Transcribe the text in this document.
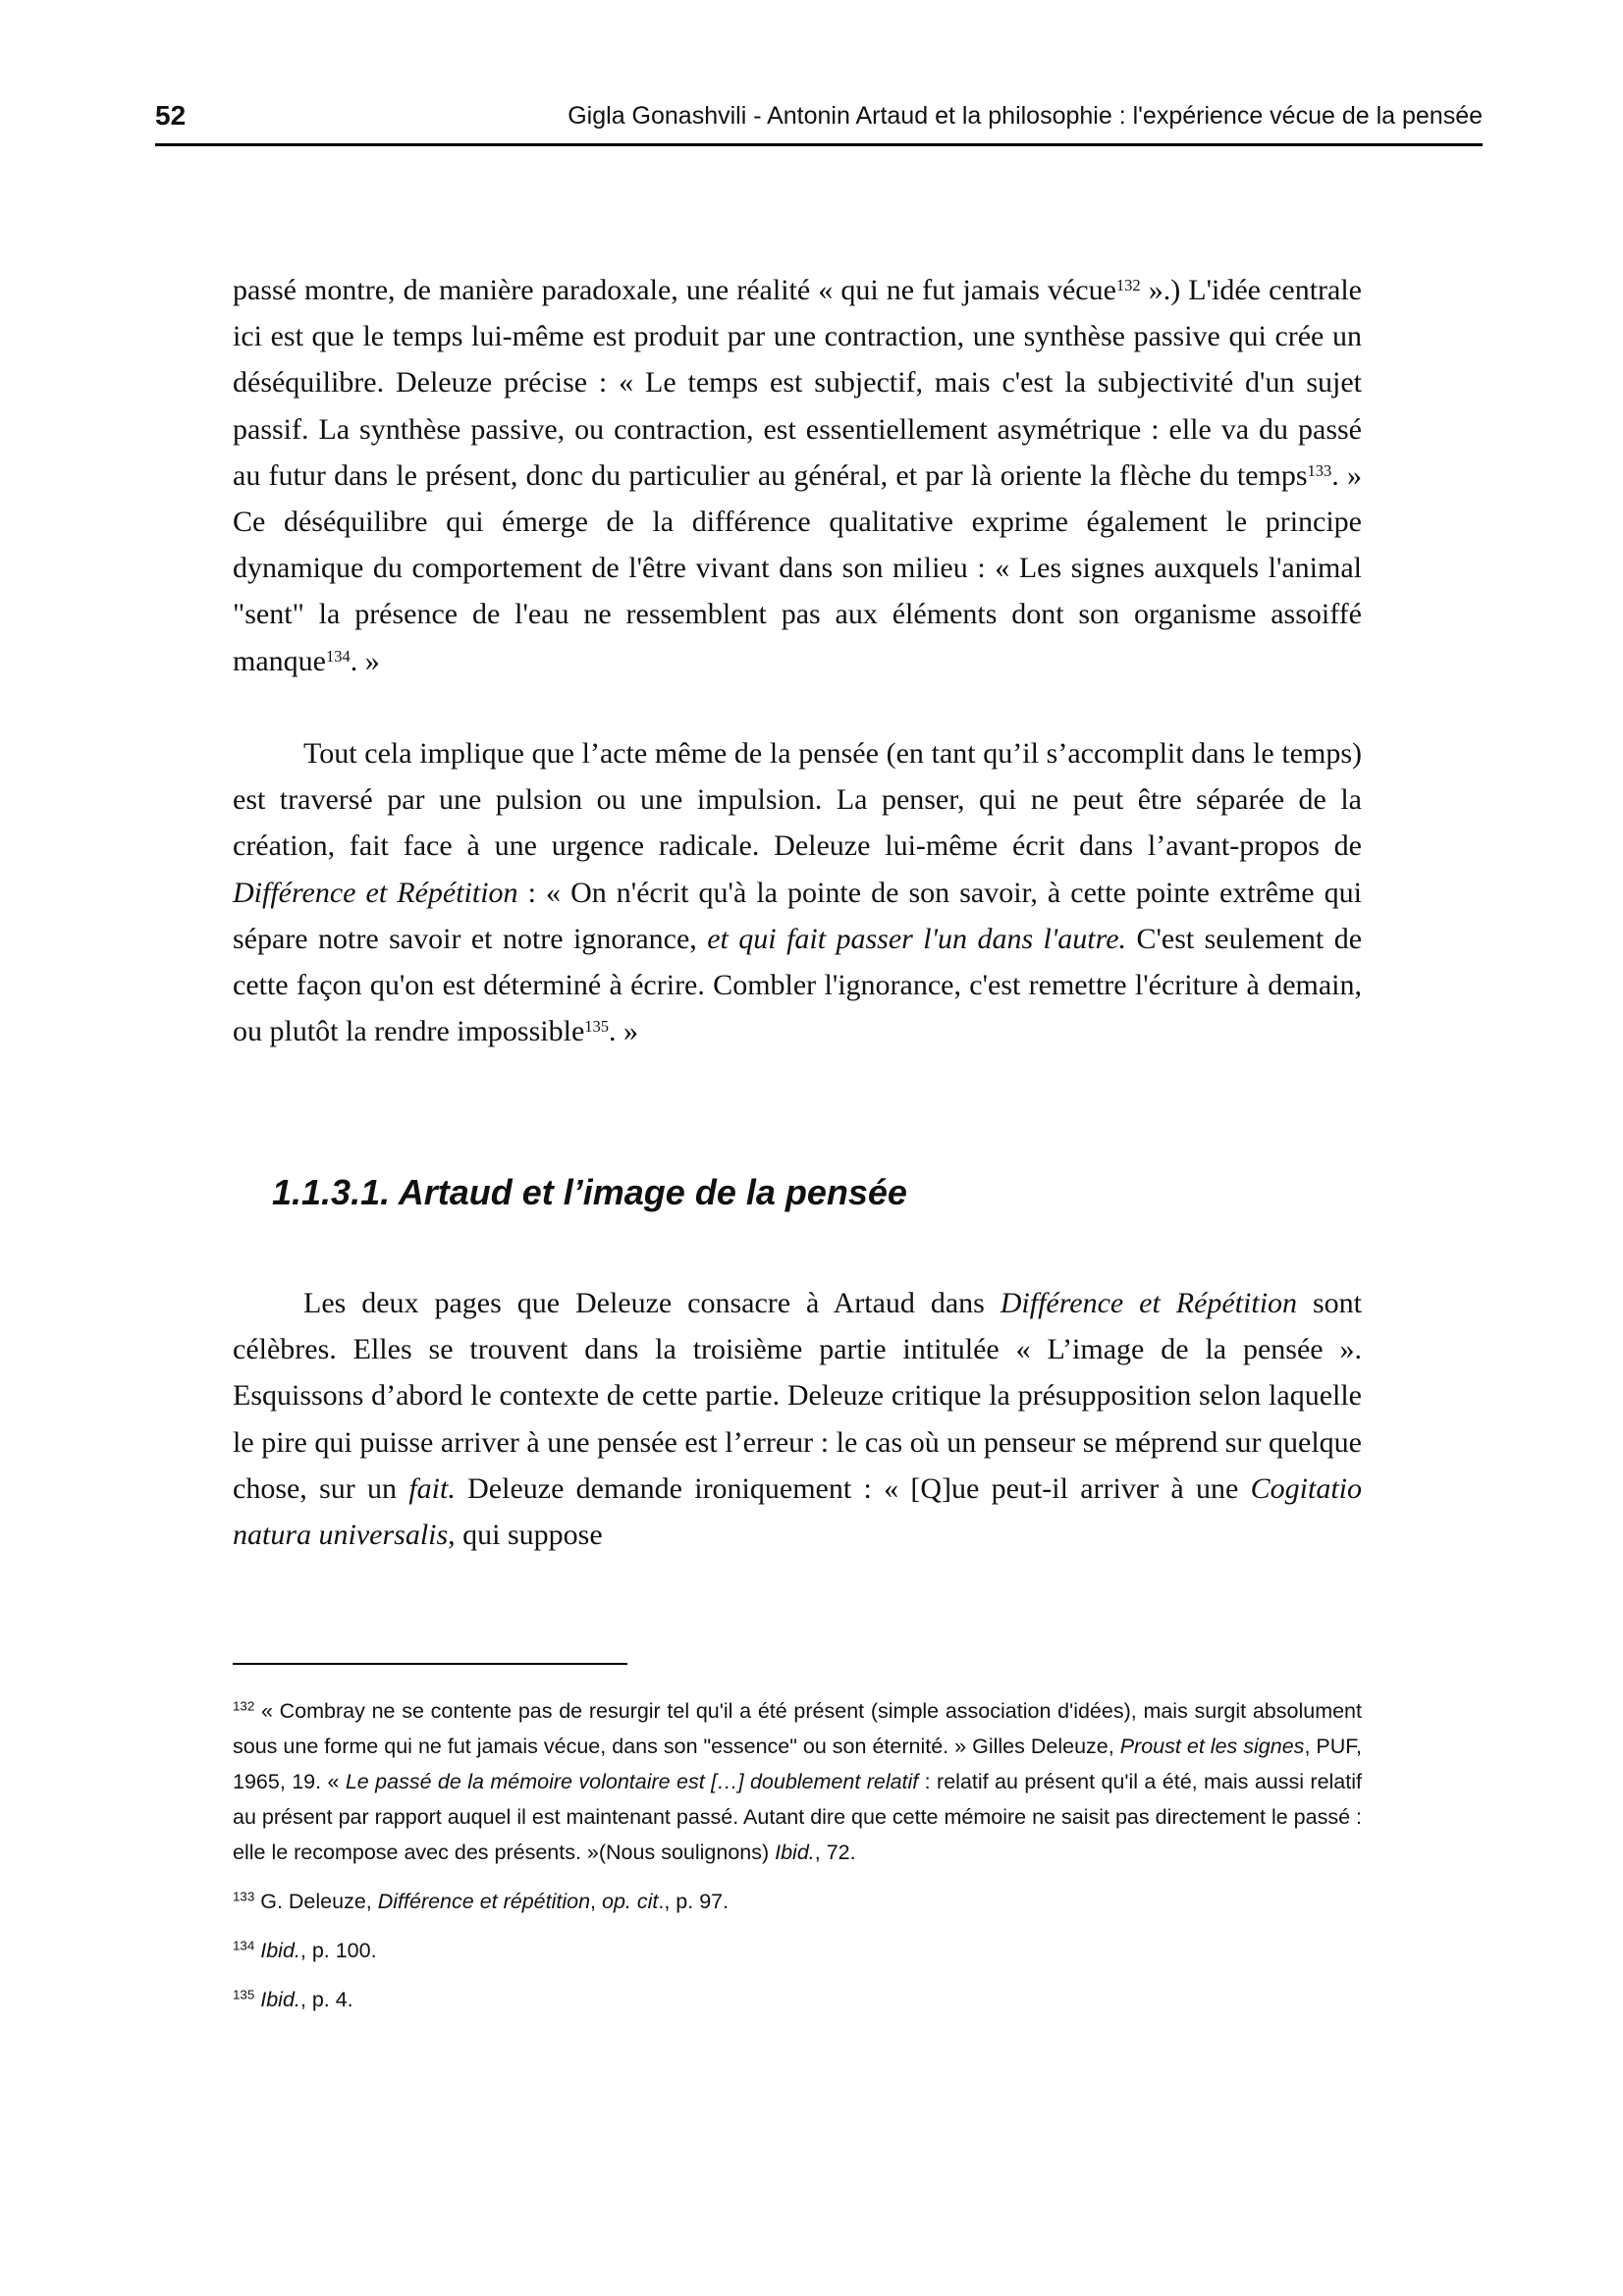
52	Gigla Gonashvili - Antonin Artaud et la philosophie : l'expérience vécue de la pensée

passé montre, de manière paradoxale, une réalité « qui ne fut jamais vécue$^{132}$ ».) L'idée centrale ici est que le temps lui-même est produit par une contraction, une synthèse passive qui crée un déséquilibre. Deleuze précise : « Le temps est subjectif, mais c'est la subjectivité d'un sujet passif. La synthèse passive, ou contraction, est essentiellement asymétrique : elle va du passé au futur dans le présent, donc du particulier au général, et par là oriente la flèche du temps$^{133}$. » Ce déséquilibre qui émerge de la différence qualitative exprime également le principe dynamique du comportement de l'être vivant dans son milieu : « Les signes auxquels l'animal "sent" la présence de l'eau ne ressemblent pas aux éléments dont son organisme assoiffé manque$^{134}$. »

Tout cela implique que l’acte même de la pensée (en tant qu’il s’accomplit dans le temps) est traversé par une pulsion ou une impulsion. La penser, qui ne peut être séparée de la création, fait face à une urgence radicale. Deleuze lui-même écrit dans l’avant-propos de Différence et Répétition : « On n'écrit qu'à la pointe de son savoir, à cette pointe extrême qui sépare notre savoir et notre ignorance, et qui fait passer l'un dans l'autre. C'est seulement de cette façon qu'on est déterminé à écrire. Combler l'ignorance, c'est remettre l'écriture à demain, ou plutôt la rendre impossible$^{135}$. »

1.1.3.1. Artaud et l’image de la pensée

Les deux pages que Deleuze consacre à Artaud dans Différence et Répétition sont célèbres. Elles se trouvent dans la troisième partie intitulée « L’image de la pensée ». Esquissons d’abord le contexte de cette partie. Deleuze critique la présupposition selon laquelle le pire qui puisse arriver à une pensée est l’erreur : le cas où un penseur se méprend sur quelque chose, sur un fait. Deleuze demande ironiquement : « [Q]ue peut-il arriver à une Cogitatio natura universalis, qui suppose

$^{132}$ « Combray ne se contente pas de resurgir tel qu'il a été présent (simple association d'idées), mais surgit absolument sous une forme qui ne fut jamais vécue, dans son "essence" ou son éternité. » Gilles Deleuze, Proust et les signes, PUF, 1965, 19. « Le passé de la mémoire volontaire est […] doublement relatif : relatif au présent qu'il a été, mais aussi relatif au présent par rapport auquel il est maintenant passé. Autant dire que cette mémoire ne saisit pas directement le passé : elle le recompose avec des présents. »(Nous soulignons) Ibid., 72.

$^{133}$ G. Deleuze, Différence et répétition, op. cit., p. 97.

$^{134}$ Ibid., p. 100.

$^{135}$ Ibid., p. 4.
